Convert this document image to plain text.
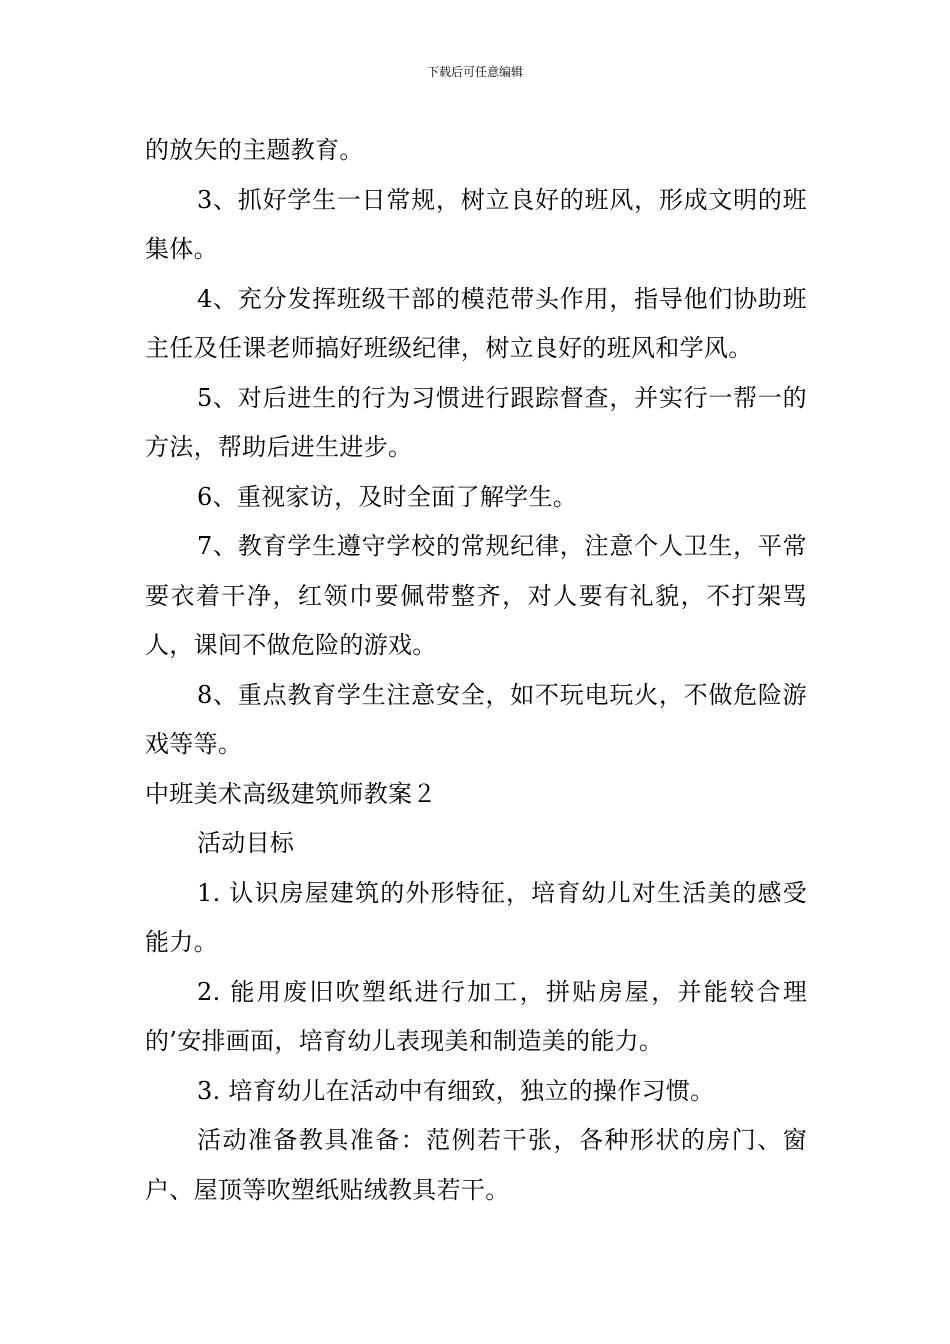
下载后可任意编辑

的放矢的主题教育。

3、抓好学生一日常规，树立良好的班风，形成文明的班集体。

4、充分发挥班级干部的模范带头作用，指导他们协助班主任及任课老师搞好班级纪律，树立良好的班风和学风。

5、对后进生的行为习惯进行跟踪督查，并实行一帮一的方法，帮助后进生进步。

6、重视家访，及时全面了解学生。

7、教育学生遵守学校的常规纪律，注意个人卫生，平常要衣着干净，红领巾要佩带整齐，对人要有礼貌，不打架骂人，课间不做危险的游戏。

8、重点教育学生注意安全，如不玩电玩火，不做危险游戏等等。

中班美术高级建筑师教案２

活动目标

1. 认识房屋建筑的外形特征，培育幼儿对生活美的感受能力。

2. 能用废旧吹塑纸进行加工，拼贴房屋，并能较合理的’安排画面，培育幼儿表现美和制造美的能力。

3. 培育幼儿在活动中有细致，独立的操作习惯。

活动准备教具准备：范例若干张，各种形状的房门、窗户、屋顶等吹塑纸贴绒教具若干。
